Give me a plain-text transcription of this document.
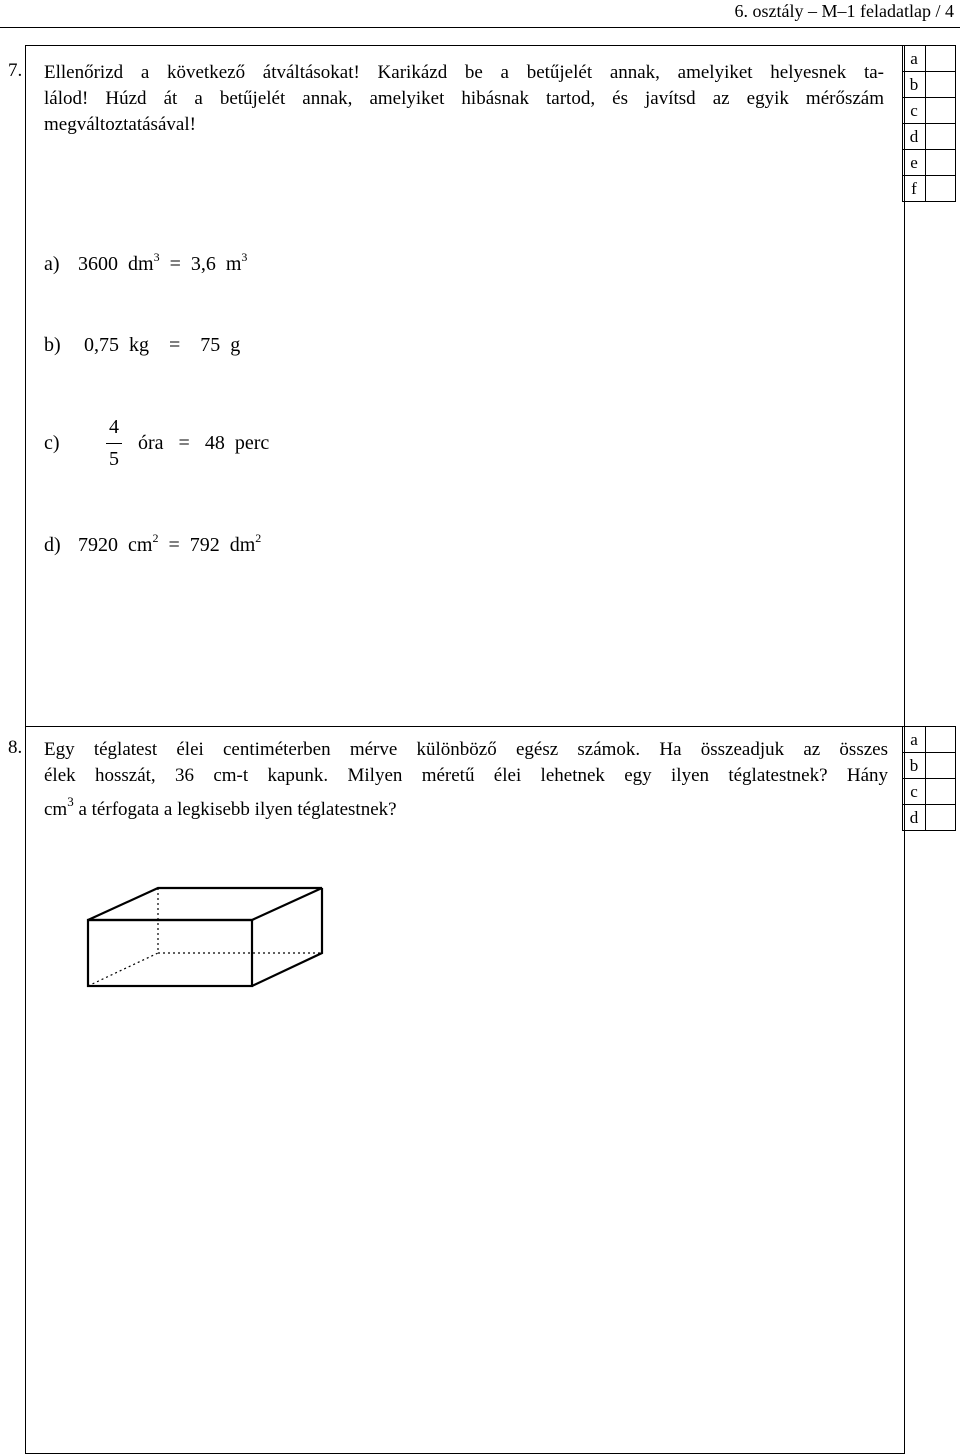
6. osztály – M–1 feladatlap / 4
7. Ellenőrizd a következő átváltásokat! Karikázd be a betűjelét annak, amelyiket helyesnek ta-
lálod! Húzd át a betűjelét annak, amelyiket hibásnak tartod, és javítsd az egyik mérőszám
megváltoztatásával!
a	
b	
c	
d	
e	
f	
a) 3600 dm3 = 3,6 m3
b) 0,75 kg = 75 g
c)
4
5
óra = 48 perc
d) 7920 cm2 = 792 dm2
8. Egy téglatest élei centiméterben mérve különböző egész számok. Ha összeadjuk az összes
élek hosszát, 36 cm-t kapunk. Milyen méretű élei lehetnek egy ilyen téglatestnek? Hány
$cm^3$ a térfogata a legkisebb ilyen téglatestnek?
a	
b	
c	
d	
